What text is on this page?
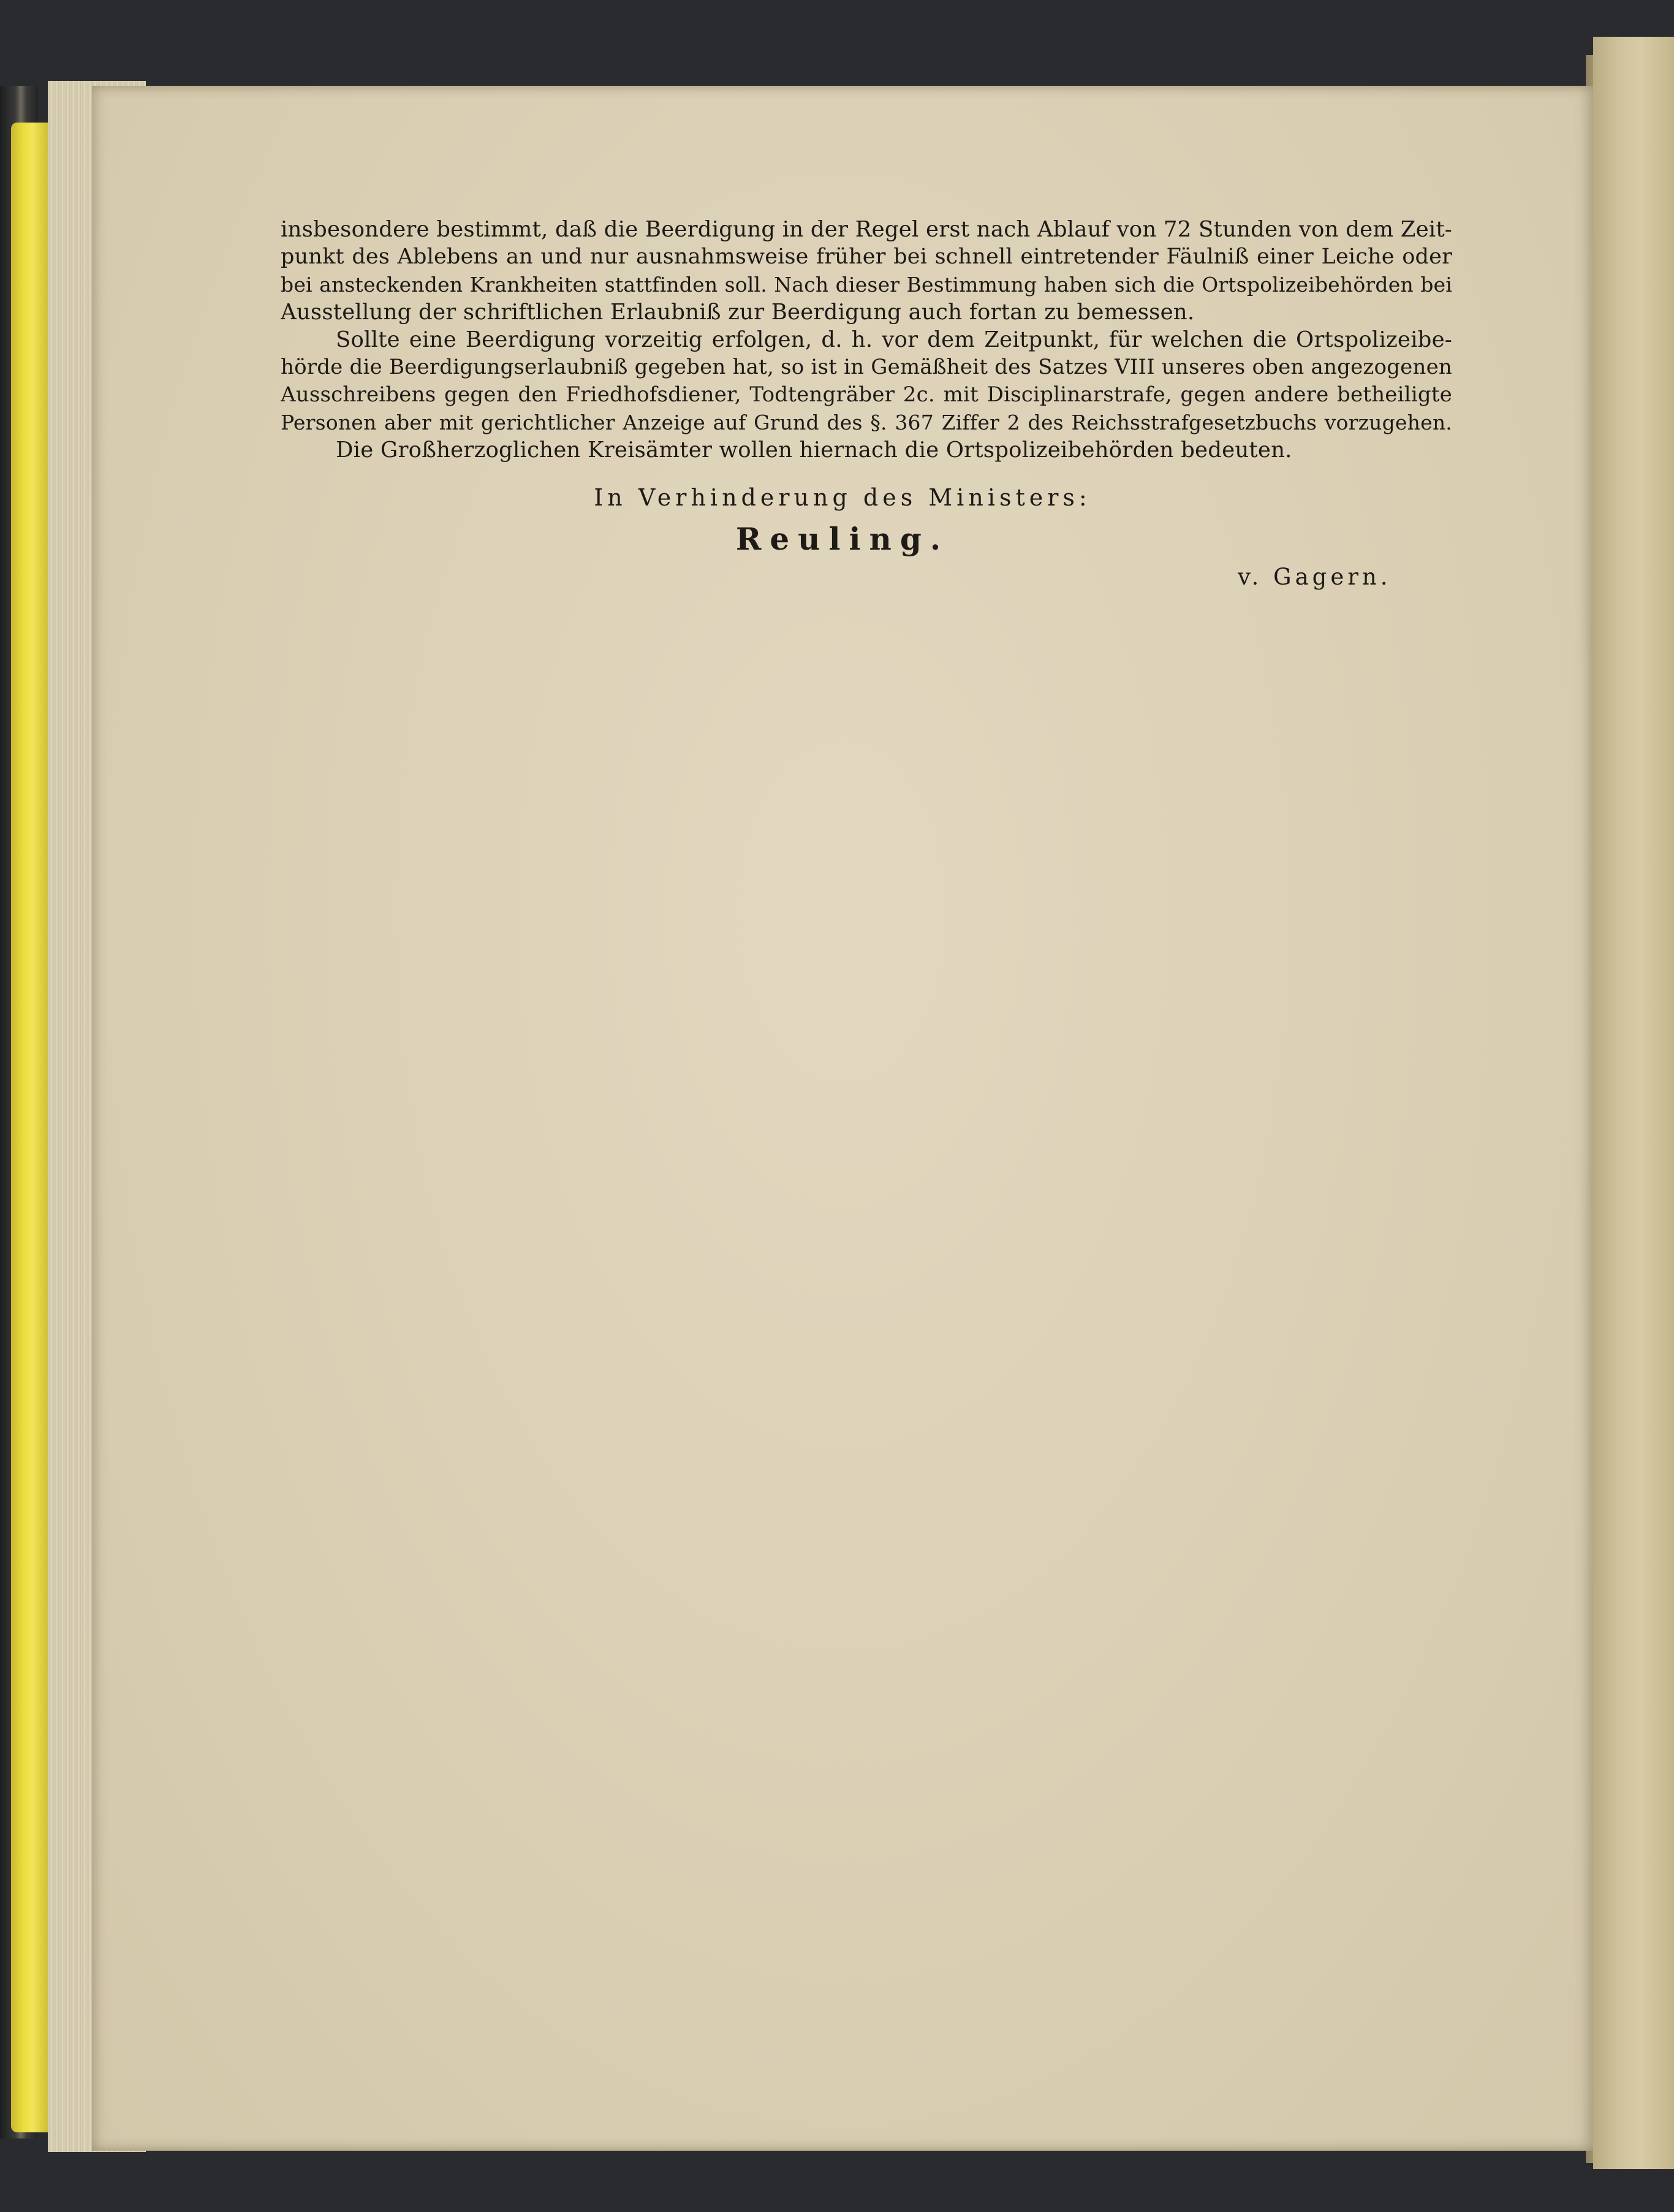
insbesondere bestimmt, daß die Beerdigung in der Regel erst nach Ablauf von 72 Stunden von dem Zeit-
punkt des Ablebens an und nur ausnahmsweise früher bei schnell eintretender Fäulniß einer Leiche oder
bei ansteckenden Krankheiten stattfinden soll. Nach dieser Bestimmung haben sich die Ortspolizeibehörden bei
Ausstellung der schriftlichen Erlaubniß zur Beerdigung auch fortan zu bemessen.
Sollte eine Beerdigung vorzeitig erfolgen, d. h. vor dem Zeitpunkt, für welchen die Ortspolizeibe-
hörde die Beerdigungserlaubniß gegeben hat, so ist in Gemäßheit des Satzes VIII unseres oben angezogenen
Ausschreibens gegen den Friedhofsdiener, Todtengräber 2c. mit Disciplinarstrafe, gegen andere betheiligte
Personen aber mit gerichtlicher Anzeige auf Grund des §. 367 Ziffer 2 des Reichsstrafgesetzbuchs vorzugehen.
Die Großherzoglichen Kreisämter wollen hiernach die Ortspolizeibehörden bedeuten.
In Verhinderung des Ministers:
Reuling.
v. Gagern.
